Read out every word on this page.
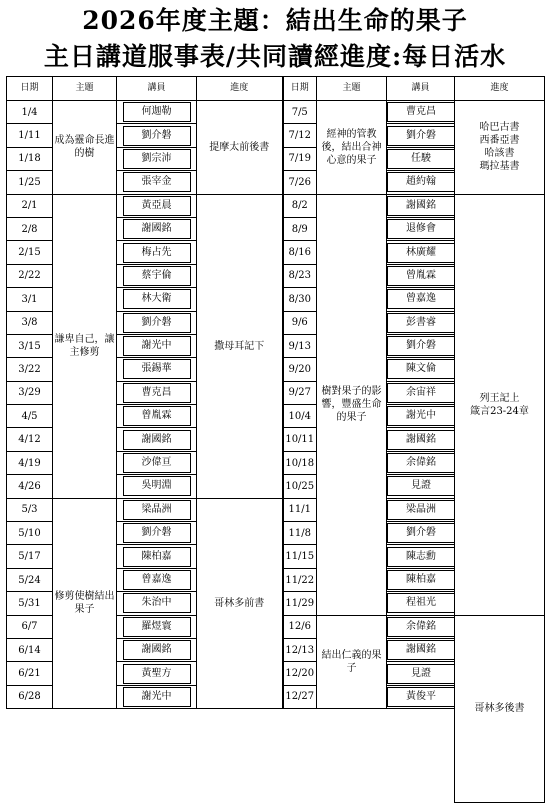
2026年度主題：結出生命的果子
主日講道服事表/共同讀經進度:每日活水
日期	主題	講員	進度	日期	主題	講員	進度
1/4	成為靈命長進的樹	何迦勒	提摩太前後書	7/5	經神的管教後，結出合神心意的果子	曹克昌	哈巴古書
西番亞書
哈該書
瑪拉基書

1/11		劉介磐		7/12		劉介磐	

1/18		劉宗沛		7/19		任駿	

1/25		張宰金		7/26		趙約翰	

2/1	謙卑自己，讓主修剪	黃亞晨	撒母耳記下	8/2	樹對果子的影響，豐盛生命的果子	謝國銘	列王記上
箴言23-24章

2/8		謝國銘		8/9		退修會	

2/15		梅占先		8/16		林廣耀	

2/22		蔡宇倫		8/23		曾胤霖	

3/1		林大衛		8/30		曾嘉逸	

3/8		劉介磐		9/6		彭書睿	

3/15		謝光中		9/13		劉介磐	

3/22		張錫華		9/20		陳文倫	

3/29		曹克昌		9/27		余宙祥	

4/5		曾胤霖		10/4		謝光中	

4/12		謝國銘		10/11		謝國銘	

4/19		沙偉亘		10/18		余偉銘	

4/26		吳明淵		10/25		見證	

5/3	修剪使樹結出果子	梁晶洲	哥林多前書	11/1		梁晶洲	

5/10		劉介磐		11/8		劉介磐	

5/17		陳柏嘉		11/15		陳志勳	

5/24		曾嘉逸		11/22		陳柏嘉	

5/31		朱治中		11/29		程祖光	

6/7		羅煜寰		12/6	結出仁義的果子	余偉銘	哥林多後書

6/14		謝國銘		12/13		謝國銘	

6/21		黃聖方		12/20		見證	

6/28		謝光中		12/27		黃俊平	
